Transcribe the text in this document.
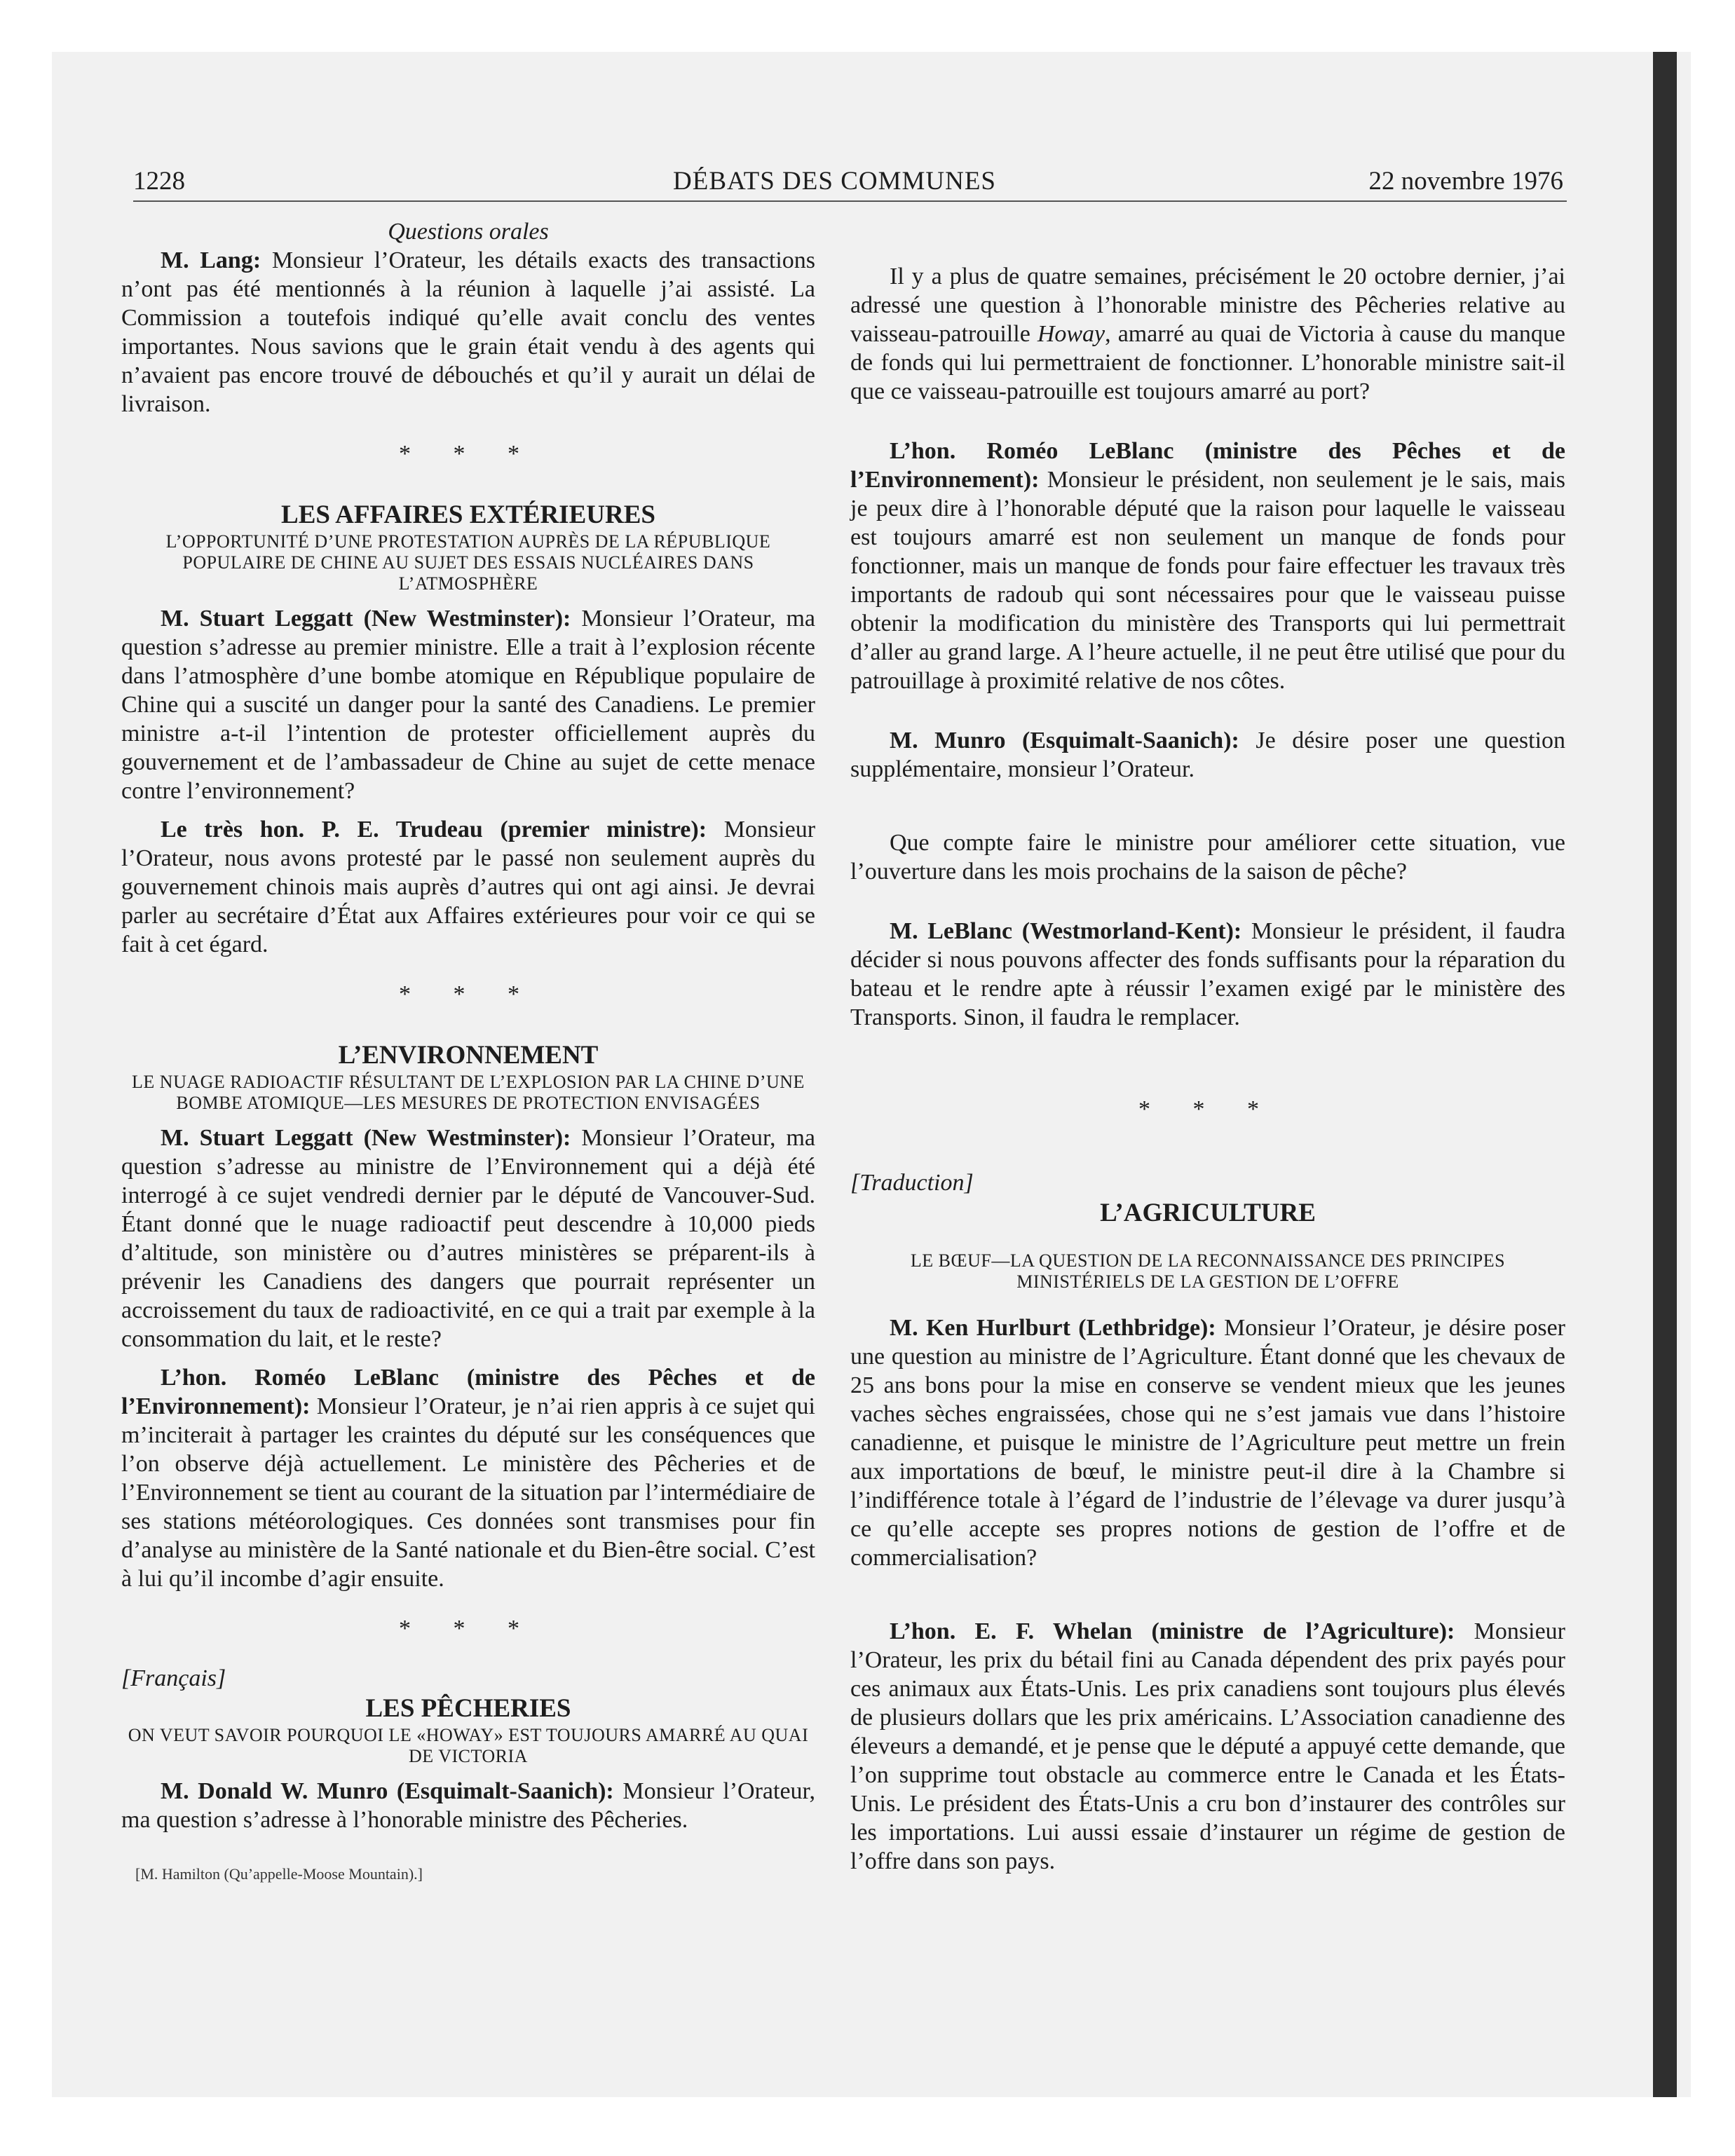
1228	DÉBATS DES COMMUNES	22 novembre 1976

Questions orales

M. Lang: Monsieur l’Orateur, les détails exacts des transactions n’ont pas été mentionnés à la réunion à laquelle j’ai assisté. La Commission a toutefois indiqué qu’elle avait conclu des ventes importantes. Nous savions que le grain était vendu à des agents qui n’avaient pas encore trouvé de débouchés et qu’il y aurait un délai de livraison.

* * *

LES AFFAIRES EXTÉRIEURES

L’OPPORTUNITÉ D’UNE PROTESTATION AUPRÈS DE LA RÉPUBLIQUE POPULAIRE DE CHINE AU SUJET DES ESSAIS NUCLÉAIRES DANS L’ATMOSPHÈRE

M. Stuart Leggatt (New Westminster): Monsieur l’Orateur, ma question s’adresse au premier ministre. Elle a trait à l’explosion récente dans l’atmosphère d’une bombe atomique en République populaire de Chine qui a suscité un danger pour la santé des Canadiens. Le premier ministre a-t-il l’intention de protester officiellement auprès du gouvernement et de l’ambassadeur de Chine au sujet de cette menace contre l’environnement?

Le très hon. P. E. Trudeau (premier ministre): Monsieur l’Orateur, nous avons protesté par le passé non seulement auprès du gouvernement chinois mais auprès d’autres qui ont agi ainsi. Je devrai parler au secrétaire d’État aux Affaires extérieures pour voir ce qui se fait à cet égard.

* * *

L’ENVIRONNEMENT

LE NUAGE RADIOACTIF RÉSULTANT DE L’EXPLOSION PAR LA CHINE D’UNE BOMBE ATOMIQUE—LES MESURES DE PROTECTION ENVISAGÉES

M. Stuart Leggatt (New Westminster): Monsieur l’Orateur, ma question s’adresse au ministre de l’Environnement qui a déjà été interrogé à ce sujet vendredi dernier par le député de Vancouver-Sud. Étant donné que le nuage radioactif peut descendre à 10,000 pieds d’altitude, son ministère ou d’autres ministères se préparent-ils à prévenir les Canadiens des dangers que pourrait représenter un accroissement du taux de radioactivité, en ce qui a trait par exemple à la consommation du lait, et le reste?

L’hon. Roméo LeBlanc (ministre des Pêches et de l’Environnement): Monsieur l’Orateur, je n’ai rien appris à ce sujet qui m’inciterait à partager les craintes du député sur les conséquences que l’on observe déjà actuellement. Le ministère des Pêcheries et de l’Environnement se tient au courant de la situation par l’intermédiaire de ses stations météorologiques. Ces données sont transmises pour fin d’analyse au ministère de la Santé nationale et du Bien-être social. C’est à lui qu’il incombe d’agir ensuite.

* * *

[Français]

LES PÊCHERIES

ON VEUT SAVOIR POURQUOI LE «HOWAY» EST TOUJOURS AMARRÉ AU QUAI DE VICTORIA

M. Donald W. Munro (Esquimalt-Saanich): Monsieur l’Orateur, ma question s’adresse à l’honorable ministre des Pêcheries.

[M. Hamilton (Qu’appelle-Moose Mountain).]

Il y a plus de quatre semaines, précisément le 20 octobre dernier, j’ai adressé une question à l’honorable ministre des Pêcheries relative au vaisseau-patrouille Howay, amarré au quai de Victoria à cause du manque de fonds qui lui permettraient de fonctionner. L’honorable ministre sait-il que ce vaisseau-patrouille est toujours amarré au port?

L’hon. Roméo LeBlanc (ministre des Pêches et de l’Environnement): Monsieur le président, non seulement je le sais, mais je peux dire à l’honorable député que la raison pour laquelle le vaisseau est toujours amarré est non seulement un manque de fonds pour fonctionner, mais un manque de fonds pour faire effectuer les travaux très importants de radoub qui sont nécessaires pour que le vaisseau puisse obtenir la modification du ministère des Transports qui lui permettrait d’aller au grand large. A l’heure actuelle, il ne peut être utilisé que pour du patrouillage à proximité relative de nos côtes.

M. Munro (Esquimalt-Saanich): Je désire poser une question supplémentaire, monsieur l’Orateur.

Que compte faire le ministre pour améliorer cette situation, vue l’ouverture dans les mois prochains de la saison de pêche?

M. LeBlanc (Westmorland-Kent): Monsieur le président, il faudra décider si nous pouvons affecter des fonds suffisants pour la réparation du bateau et le rendre apte à réussir l’examen exigé par le ministère des Transports. Sinon, il faudra le remplacer.

* * *

[Traduction]

L’AGRICULTURE

LE BŒUF—LA QUESTION DE LA RECONNAISSANCE DES PRINCIPES MINISTÉRIELS DE LA GESTION DE L’OFFRE

M. Ken Hurlburt (Lethbridge): Monsieur l’Orateur, je désire poser une question au ministre de l’Agriculture. Étant donné que les chevaux de 25 ans bons pour la mise en conserve se vendent mieux que les jeunes vaches sèches engraissées, chose qui ne s’est jamais vue dans l’histoire canadienne, et puisque le ministre de l’Agriculture peut mettre un frein aux importations de bœuf, le ministre peut-il dire à la Chambre si l’indifférence totale à l’égard de l’industrie de l’élevage va durer jusqu’à ce qu’elle accepte ses propres notions de gestion de l’offre et de commercialisation?

L’hon. E. F. Whelan (ministre de l’Agriculture): Monsieur l’Orateur, les prix du bétail fini au Canada dépendent des prix payés pour ces animaux aux États-Unis. Les prix canadiens sont toujours plus élevés de plusieurs dollars que les prix américains. L’Association canadienne des éleveurs a demandé, et je pense que le député a appuyé cette demande, que l’on supprime tout obstacle au commerce entre le Canada et les États-Unis. Le président des États-Unis a cru bon d’instaurer des contrôles sur les importations. Lui aussi essaie d’instaurer un régime de gestion de l’offre dans son pays.
